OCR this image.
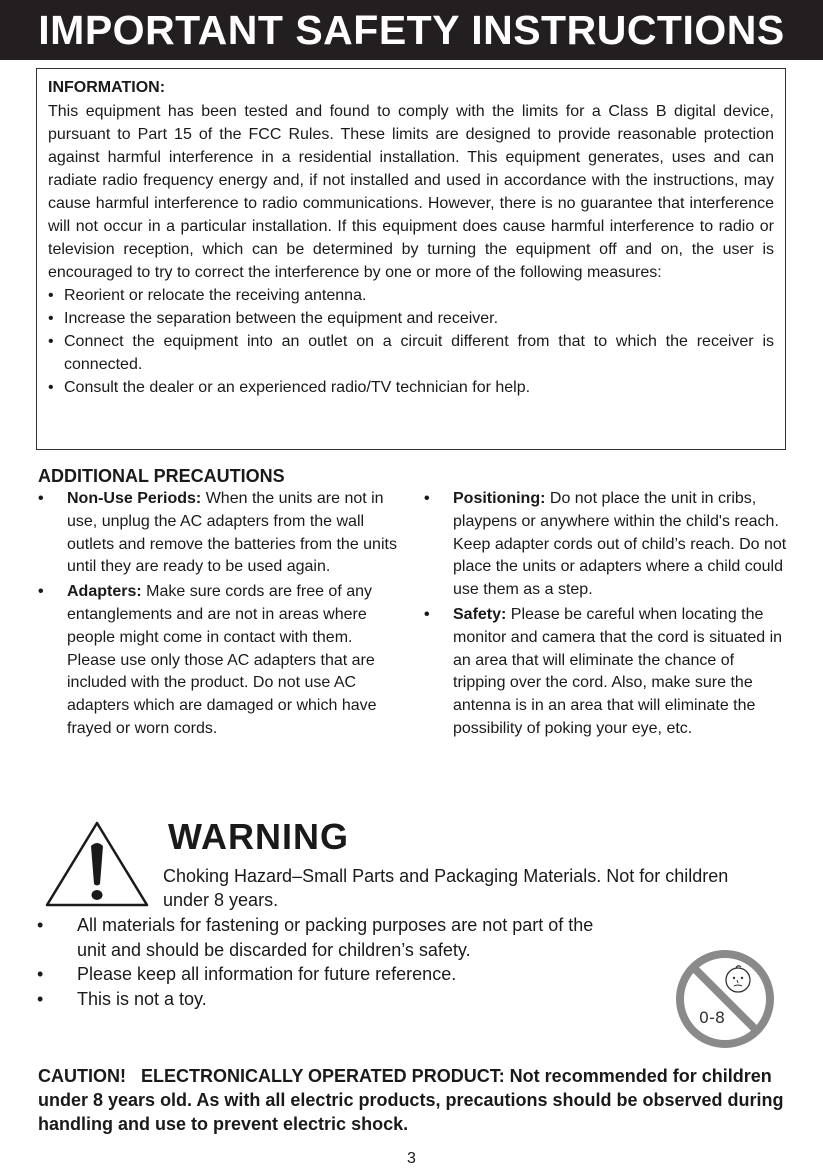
IMPORTANT SAFETY INSTRUCTIONS
INFORMATION:
This equipment has been tested and found to comply with the limits for a Class B digital device, pursuant to Part 15 of the FCC Rules. These limits are designed to provide reasonable protection against harmful interference in a residential installation. This equipment generates, uses and can radiate radio frequency energy and, if not installed and used in accordance with the instructions, may cause harmful interference to radio communications. However, there is no guarantee that interference will not occur in a particular installation. If this equipment does cause harmful interference to radio or television reception, which can be determined by turning the equipment off and on, the user is encouraged to try to correct the interference by one or more of the following measures:
• Reorient or relocate the receiving antenna.
• Increase the separation between the equipment and receiver.
• Connect the equipment into an outlet on a circuit different from that to which the receiver is connected.
• Consult the dealer or an experienced radio/TV technician for help.
ADDITIONAL PRECAUTIONS
• Non-Use Periods: When the units are not in use, unplug the AC adapters from the wall outlets and remove the batteries from the units until they are ready to be used again.
• Adapters: Make sure cords are free of any entanglements and are not in areas where people might come in contact with them. Please use only those AC adapters that are included with the product. Do not use AC adapters which are damaged or which have frayed or worn cords.
• Positioning: Do not place the unit in cribs, playpens or anywhere within the child's reach. Keep adapter cords out of child’s reach. Do not place the units or adapters where a child could use them as a step.
• Safety: Please be careful when locating the monitor and camera that the cord is situated in an area that will eliminate the chance of tripping over the cord. Also, make sure the antenna is in an area that will eliminate the possibility of poking your eye, etc.
WARNING
Choking Hazard–Small Parts and Packaging Materials. Not for children under 8 years.
• All materials for fastening or packing purposes are not part of the unit and should be discarded for children’s safety.
• Please keep all information for future reference.
• This is not a toy.
0-8
CAUTION!   ELECTRONICALLY OPERATED PRODUCT: Not recommended for children under 8 years old. As with all electric products, precautions should be observed during handling and use to prevent electric shock.
3
